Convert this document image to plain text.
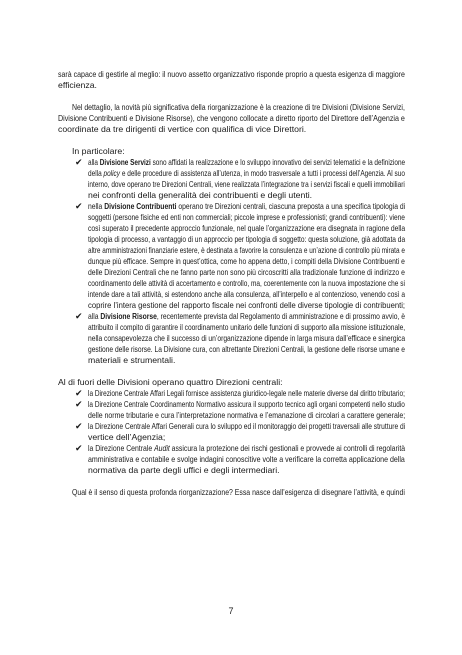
sarà capace di gestirle al meglio: il nuovo assetto organizzativo risponde proprio a questa esigenza di maggiore
efficienza.
Nel dettaglio, la novità più significativa della riorganizzazione è la creazione di tre Divisioni (Divisione Servizi,
Divisione Contribuenti e Divisione Risorse), che vengono collocate a diretto riporto del Direttore dell’Agenzia e
coordinate da tre dirigenti di vertice con qualifica di vice Direttori.
In particolare:
✔ alla Divisione Servizi sono affidati la realizzazione e lo sviluppo innovativo dei servizi telematici e la definizione
della policy e delle procedure di assistenza all’utenza, in modo trasversale a tutti i processi dell’Agenzia. Al suo
interno, dove operano tre Direzioni Centrali, viene realizzata l’integrazione tra i servizi fiscali e quelli immobiliari
nei confronti della generalità dei contribuenti e degli utenti.
✔ nella Divisione Contribuenti operano tre Direzioni centrali, ciascuna preposta a una specifica tipologia di
soggetti (persone fisiche ed enti non commerciali; piccole imprese e professionisti; grandi contribuenti): viene
così superato il precedente approccio funzionale, nel quale l’organizzazione era disegnata in ragione della
tipologia di processo, a vantaggio di un approccio per tipologia di soggetto: questa soluzione, già adottata da
altre amministrazioni finanziarie estere, è destinata a favorire la consulenza e un’azione di controllo più mirata e
dunque più efficace. Sempre in quest’ottica, come ho appena detto, i compiti della Divisione Contribuenti e
delle Direzioni Centrali che ne fanno parte non sono più circoscritti alla tradizionale funzione di indirizzo e
coordinamento delle attività di accertamento e controllo, ma, coerentemente con la nuova impostazione che si
intende dare a tali attività, si estendono anche alla consulenza, all’interpello e al contenzioso, venendo così a
coprire l’intera gestione del rapporto fiscale nei confronti delle diverse tipologie di contribuenti;
✔ alla Divisione Risorse, recentemente prevista dal Regolamento di amministrazione e di prossimo avvio, è
attribuito il compito di garantire il coordinamento unitario delle funzioni di supporto alla missione istituzionale,
nella consapevolezza che il successo di un’organizzazione dipende in larga misura dall’efficace e sinergica
gestione delle risorse. La Divisione cura, con altrettante Direzioni Centrali, la gestione delle risorse umane e
materiali e strumentali.
Al di fuori delle Divisioni operano quattro Direzioni centrali:
✔ la Direzione Centrale Affari Legali fornisce assistenza giuridico-legale nelle materie diverse dal diritto tributario;
✔ la Direzione Centrale Coordinamento Normativo assicura il supporto tecnico agli organi competenti nello studio
delle norme tributarie e cura l’interpretazione normativa e l’emanazione di circolari a carattere generale;
✔ la Direzione Centrale Affari Generali cura lo sviluppo ed il monitoraggio dei progetti traversali alle strutture di
vertice dell’Agenzia;
✔ la Direzione Centrale Audit assicura la protezione dei rischi gestionali e provvede ai controlli di regolarità
amministrativa e contabile e svolge indagini conoscitive volte a verificare la corretta applicazione della
normativa da parte degli uffici e degli intermediari.
Qual è il senso di questa profonda riorganizzazione? Essa nasce dall’esigenza di disegnare l’attività, e quindi
7
